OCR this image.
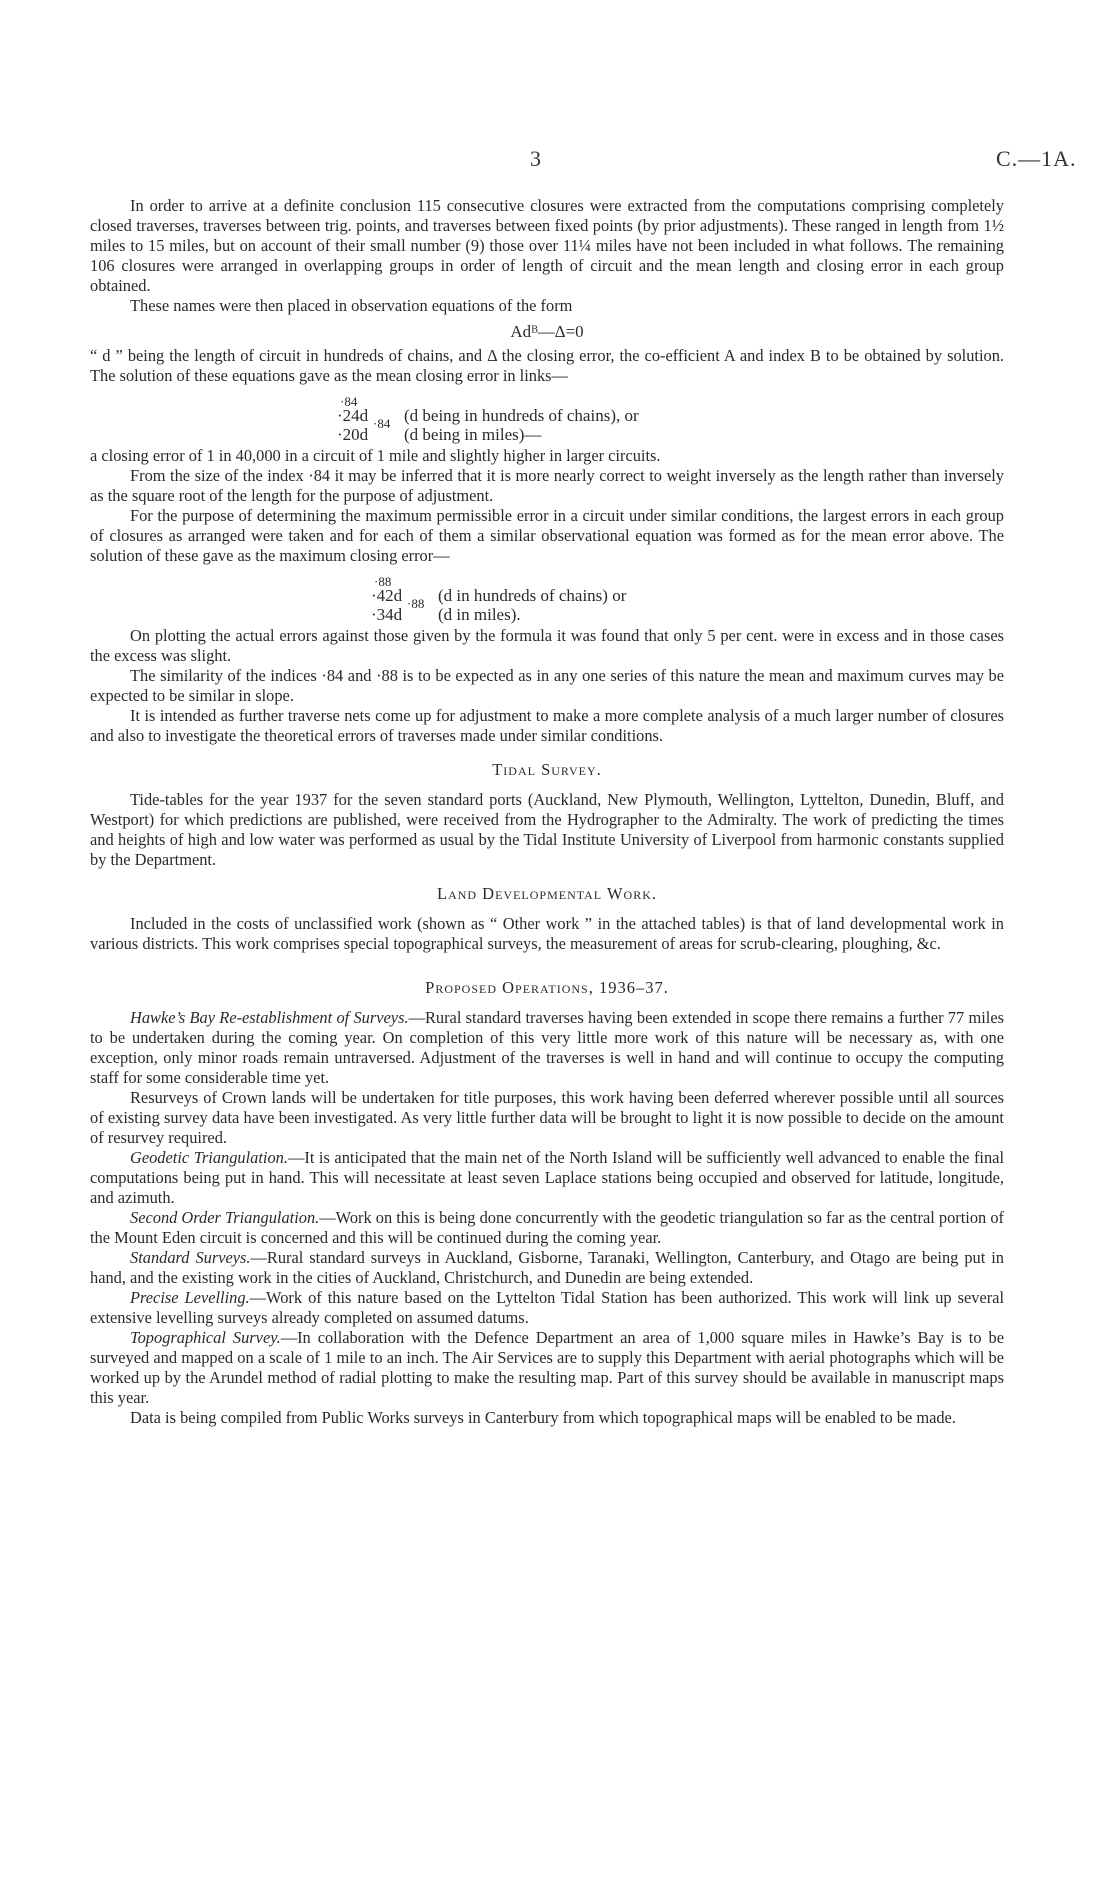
3	C.—1A.

In order to arrive at a definite conclusion 115 consecutive closures were extracted from the computations comprising completely closed traverses, traverses between trig. points, and traverses between fixed points (by prior adjustments). These ranged in length from 1½ miles to 15 miles, but on account of their small number (9) those over 11¼ miles have not been included in what follows. The remaining 106 closures were arranged in overlapping groups in order of length of circuit and the mean length and closing error in each group obtained.

These names were then placed in observation equations of the form

Adᴮ—Δ=0

“ d ” being the length of circuit in hundreds of chains, and Δ the closing error, the co-efficient A and index B to be obtained by solution. The solution of these equations gave as the mean closing error in links—

·84
·24d ·84 (d being in hundreds of chains), or
·20d (d being in miles)—

a closing error of 1 in 40,000 in a circuit of 1 mile and slightly higher in larger circuits.

From the size of the index ·84 it may be inferred that it is more nearly correct to weight inversely as the length rather than inversely as the square root of the length for the purpose of adjustment.

For the purpose of determining the maximum permissible error in a circuit under similar conditions, the largest errors in each group of closures as arranged were taken and for each of them a similar observational equation was formed as for the mean error above. The solution of these gave as the maximum closing error—

·88
·42d ·88 (d in hundreds of chains) or
·34d (d in miles).

On plotting the actual errors against those given by the formula it was found that only 5 per cent. were in excess and in those cases the excess was slight.

The similarity of the indices ·84 and ·88 is to be expected as in any one series of this nature the mean and maximum curves may be expected to be similar in slope.

It is intended as further traverse nets come up for adjustment to make a more complete analysis of a much larger number of closures and also to investigate the theoretical errors of traverses made under similar conditions.

Tidal Survey.

Tide-tables for the year 1937 for the seven standard ports (Auckland, New Plymouth, Wellington, Lyttelton, Dunedin, Bluff, and Westport) for which predictions are published, were received from the Hydrographer to the Admiralty. The work of predicting the times and heights of high and low water was performed as usual by the Tidal Institute University of Liverpool from harmonic constants supplied by the Department.

Land Developmental Work.

Included in the costs of unclassified work (shown as “ Other work ” in the attached tables) is that of land developmental work in various districts. This work comprises special topographical surveys, the measurement of areas for scrub-clearing, ploughing, &c.

Proposed Operations, 1936–37.

Hawke’s Bay Re-establishment of Surveys.—Rural standard traverses having been extended in scope there remains a further 77 miles to be undertaken during the coming year. On completion of this very little more work of this nature will be necessary as, with one exception, only minor roads remain untraversed. Adjustment of the traverses is well in hand and will continue to occupy the computing staff for some considerable time yet.

Resurveys of Crown lands will be undertaken for title purposes, this work having been deferred wherever possible until all sources of existing survey data have been investigated. As very little further data will be brought to light it is now possible to decide on the amount of resurvey required.

Geodetic Triangulation.—It is anticipated that the main net of the North Island will be sufficiently well advanced to enable the final computations being put in hand. This will necessitate at least seven Laplace stations being occupied and observed for latitude, longitude, and azimuth.

Second Order Triangulation.—Work on this is being done concurrently with the geodetic triangulation so far as the central portion of the Mount Eden circuit is concerned and this will be continued during the coming year.

Standard Surveys.—Rural standard surveys in Auckland, Gisborne, Taranaki, Wellington, Canterbury, and Otago are being put in hand, and the existing work in the cities of Auckland, Christchurch, and Dunedin are being extended.

Precise Levelling.—Work of this nature based on the Lyttelton Tidal Station has been authorized. This work will link up several extensive levelling surveys already completed on assumed datums.

Topographical Survey.—In collaboration with the Defence Department an area of 1,000 square miles in Hawke’s Bay is to be surveyed and mapped on a scale of 1 mile to an inch. The Air Services are to supply this Department with aerial photographs which will be worked up by the Arundel method of radial plotting to make the resulting map. Part of this survey should be available in manuscript maps this year.

Data is being compiled from Public Works surveys in Canterbury from which topographical maps will be enabled to be made.
